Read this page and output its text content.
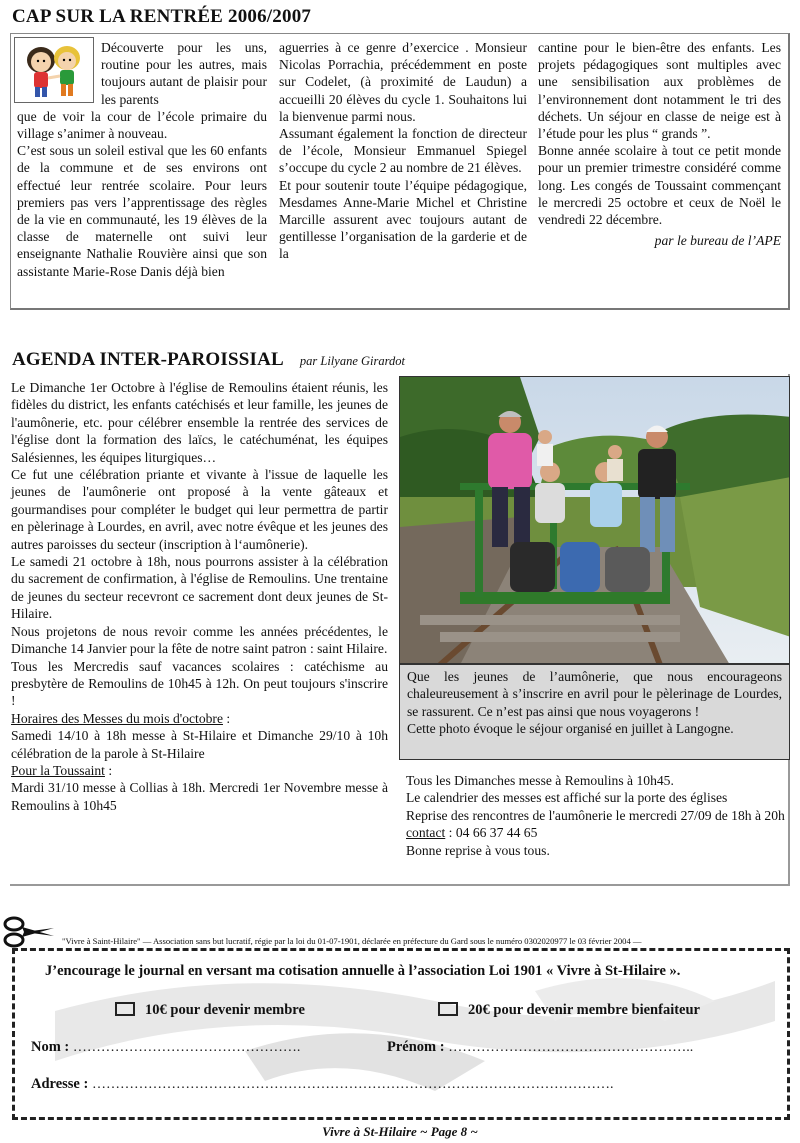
CAP SUR LA RENTRÉE 2006/2007

Découverte pour les uns, routine pour les autres, mais toujours autant de plaisir pour les parents

que de voir la cour de l’école primaire du village s’animer à nouveau.

C’est sous un soleil estival que les 60 enfants de la commune et de ses environs ont effectué leur rentrée scolaire. Pour leurs premiers pas vers l’apprentissage des règles de la vie en communauté, les 19 élèves de la classe de maternelle ont suivi leur enseignante Nathalie Rouvière ainsi que son assistante Marie-Rose Danis déjà bien

aguerries à ce genre d’exercice . Monsieur Nicolas Porrachia, précédemment en poste sur Codelet, (à proximité de Laudun) a accueilli 20 élèves du cycle 1. Souhaitons lui la bienvenue parmi nous.

Assumant également la fonction de directeur de l’école, Monsieur Emmanuel Spiegel s’occupe du cycle 2 au nombre de 21 élèves.

Et pour soutenir toute l’équipe pédagogique, Mesdames Anne-Marie Michel et Christine Marcille assurent avec toujours autant de gentillesse l’organisation de la garderie et de la

cantine pour le bien-être des enfants. Les projets pédagogiques sont multiples avec une sensibilisation aux problèmes de l’environnement dont notamment le tri des déchets. Un séjour en classe de neige est à l’étude pour les plus “ grands ”.

Bonne année scolaire à tout ce petit monde pour un premier trimestre considéré comme long. Les congés de Toussaint commençant le mercredi 25 octobre et ceux de Noël le vendredi 22 décembre.

par le bureau de l’APE

AGENDA INTER-PAROISSIAL par Lilyane Girardot

Le Dimanche 1er Octobre à l'église de Remoulins étaient réunis, les fidèles du district, les enfants catéchisés et leur famille, les jeunes de l'aumônerie, etc. pour célébrer ensemble la rentrée des services de l'église dont la formation des laïcs, le catéchuménat, les équipes Salésiennes, les équipes liturgiques…

Ce fut une célébration priante et vivante à l'issue de laquelle les jeunes de l'aumônerie ont proposé à la vente gâteaux et gourmandises pour compléter le budget qui leur permettra de partir en pèlerinage à Lourdes, en avril, avec notre évêque et les jeunes des autres paroisses du secteur (inscription à l‘aumônerie).

Le samedi 21 octobre à 18h, nous pourrons assister à la célébration du sacrement de confirmation, à l'église de Remoulins. Une trentaine de jeunes du secteur recevront ce sacrement dont deux jeunes de St-Hilaire.

Nous projetons de nous revoir comme les années précédentes, le Dimanche 14 Janvier pour la fête de notre saint patron : saint Hilaire.

Tous les Mercredis sauf vacances scolaires : catéchisme au presbytère de Remoulins de 10h45 à 12h. On peut toujours s'inscrire !

Horaires des Messes du mois d'octobre :

Samedi 14/10 à 18h messe à St-Hilaire et Dimanche 29/10 à 10h célébration de la parole à St-Hilaire

Pour la Toussaint :

Mardi 31/10 messe à Collias à 18h. Mercredi 1er Novembre messe à Remoulins à 10h45

Que les jeunes de l’aumônerie, que nous encourageons chaleureusement à s’inscrire en avril pour le pèlerinage de Lourdes, se rassurent. Ce n’est pas ainsi que nous voyagerons !

Cette photo évoque le séjour organisé en juillet à Langogne.

Tous les Dimanches messe à Remoulins à 10h45.

Le calendrier des messes est affiché sur la porte des églises

Reprise des rencontres de l'aumônerie le mercredi 27/09 de 18h à 20h

contact : 04 66 37 44 65

Bonne reprise à vous tous.

"Vivre à Saint-Hilaire" — Association sans but lucratif, régie par la loi du 01-07-1901, déclarée en préfecture du Gard sous le numéro 0302020977 le 03 février 2004 —
J’encourage le journal en versant ma cotisation annuelle à l’association Loi 1901 « Vivre à St-Hilaire ».
10€ pour devenir membre	20€ pour devenir membre bienfaiteur
Nom : ………………………………………….	Prénom : ……………………………………………..
Adresse : ………………………………………………………………………………………………….
Vivre à St-Hilaire ~ Page 8 ~
